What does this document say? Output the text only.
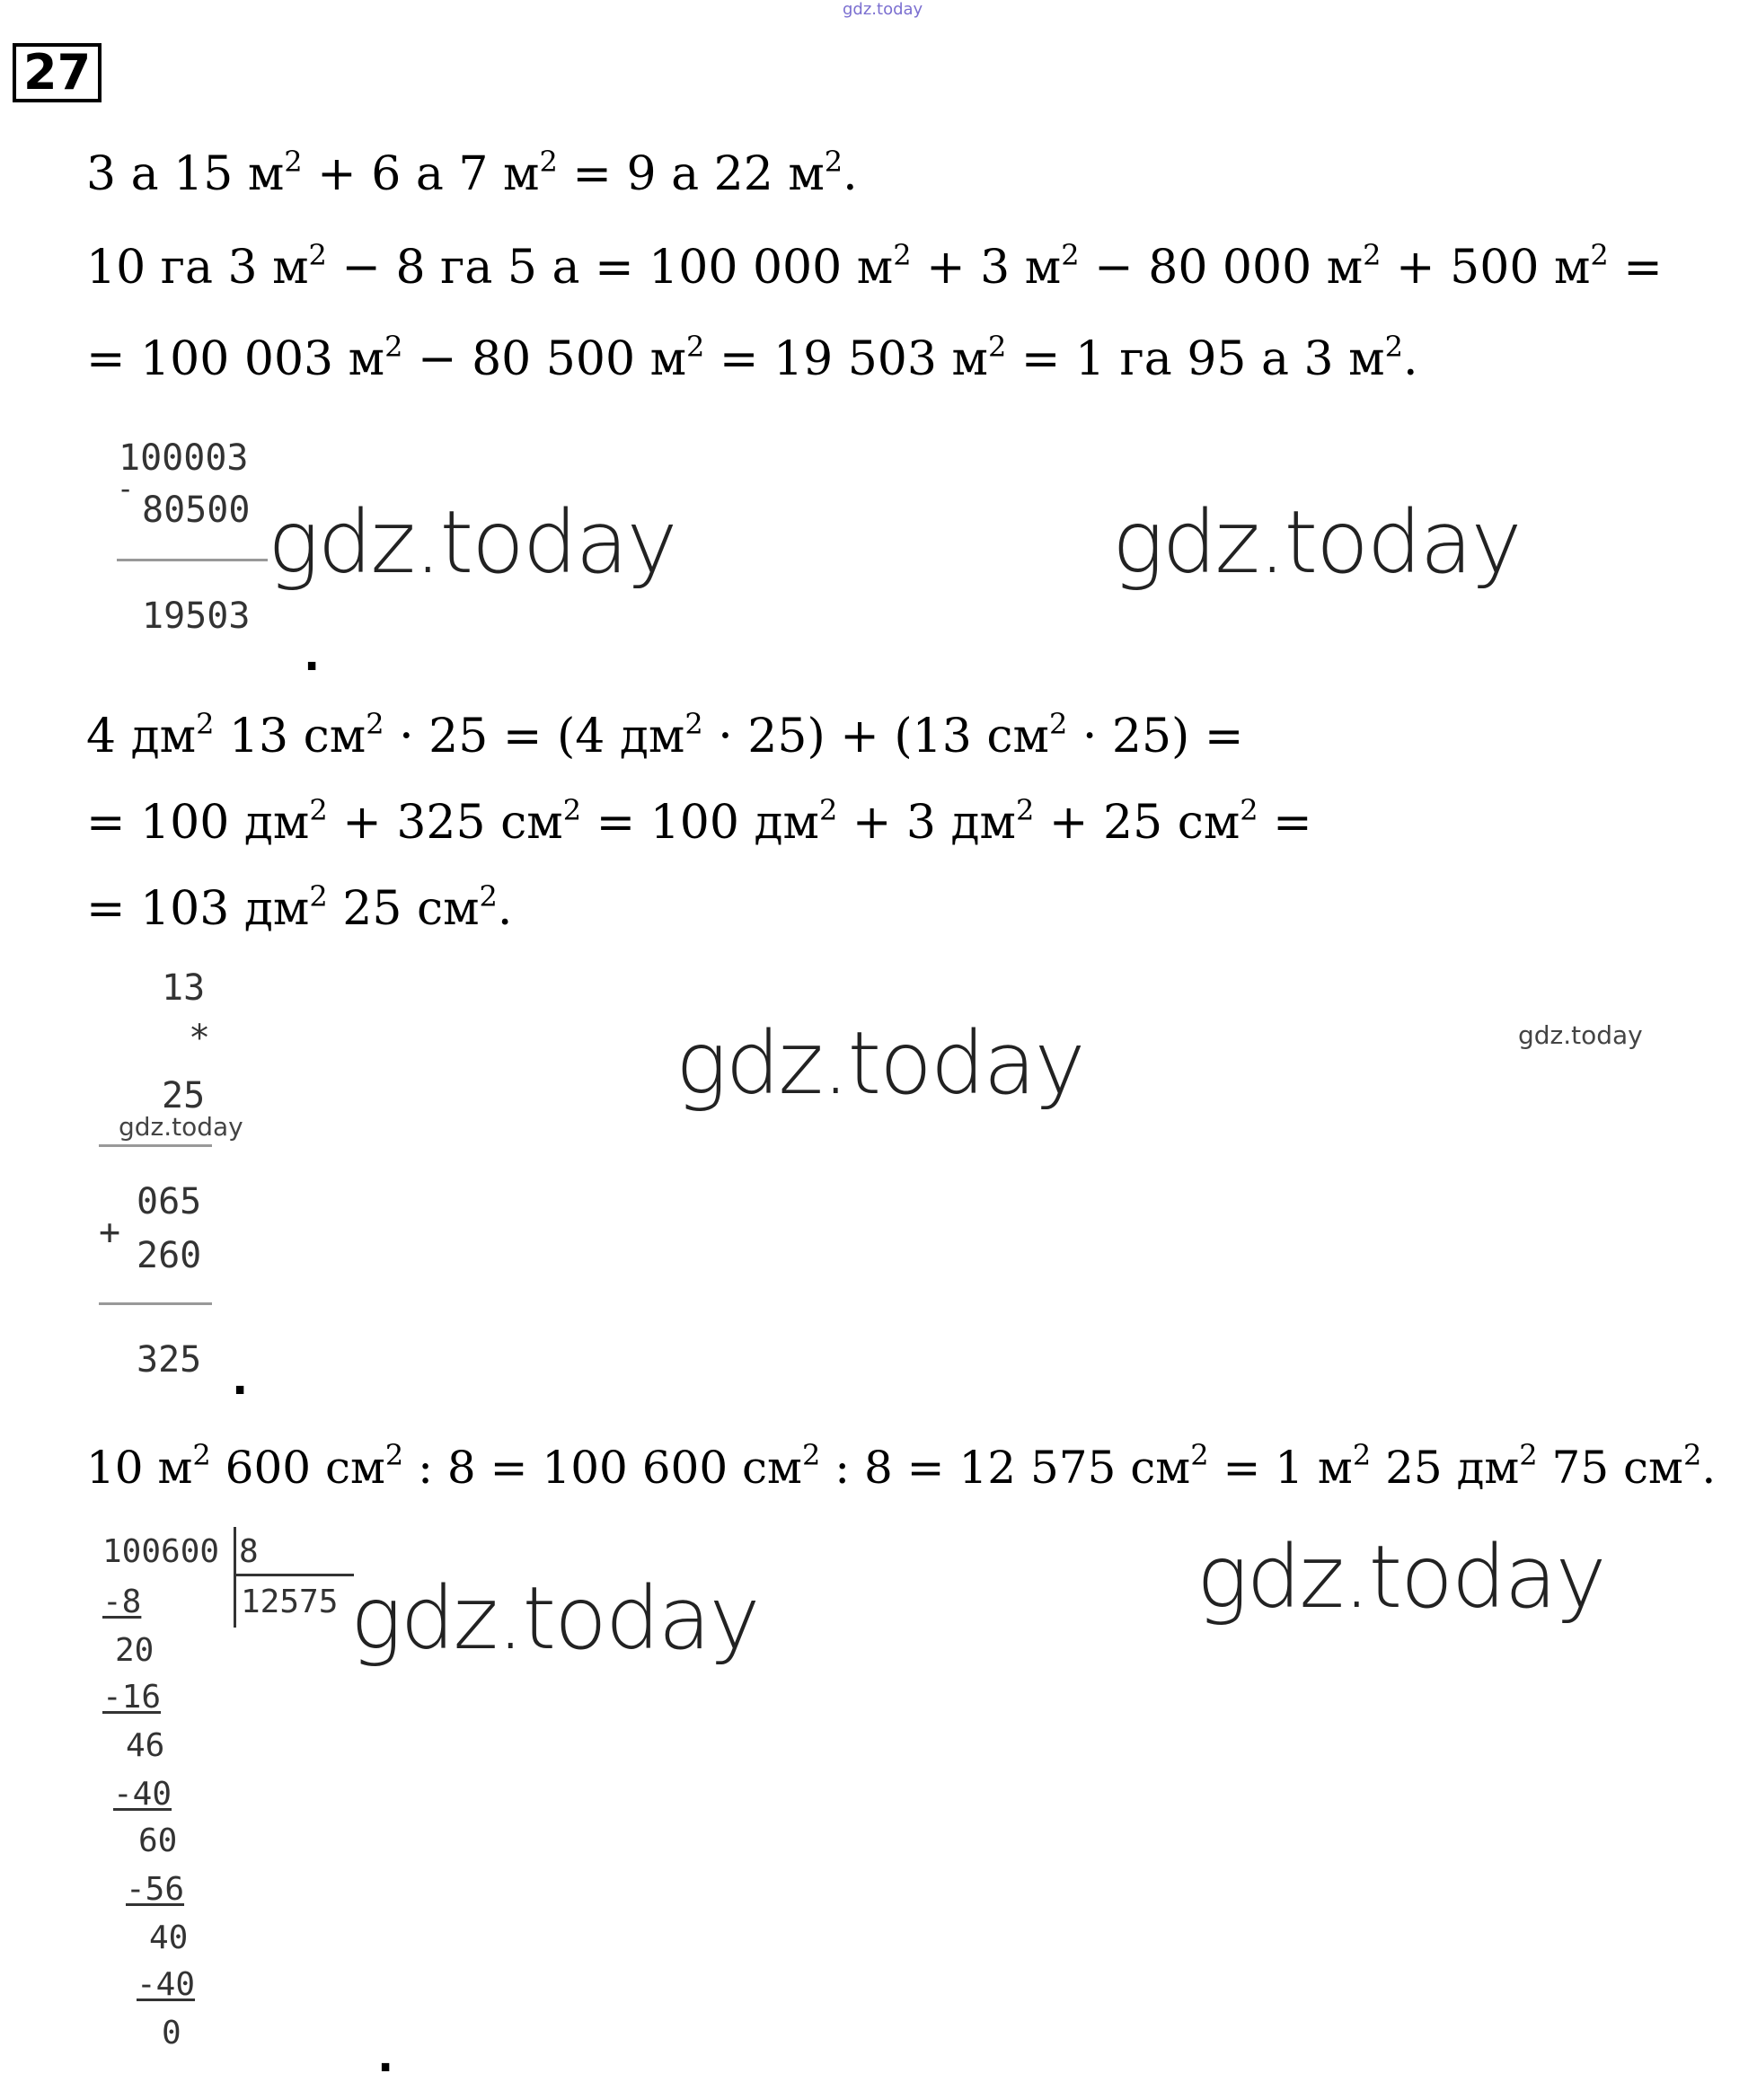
gdz.today
27
3 а 15 $м^2 + 6$ а 7 $м^2 = 9$ а 22 $м^2$.
10 га 3 $м^2 - 8$ га 5 а = 100 000 $м^2 + 3$ $м^2 - 80$ 000 $м^2 + 500$ $м^2$ =
= 100 003 $м^2 - 80$ 500 $м^2 = 19$ 503 $м^2 = 1$ га 95 а 3 $м^2$.
100003
-
80500
19503
.
gdz.today	gdz.today
4 $дм^2$ 13 $см^2 \cdot 25 = (4$ $дм^2 \cdot 25) + (13$ $см^2 \cdot 25$) =
= 100 $дм^2 + 325$ $см^2 = 100$ $дм^2 + 3$ $дм^2 + 25$ $см^2$ =
= 103 $дм^2$ 25 $см^2$.
13
*
25
gdz.today
065
+
260
325 .
gdz.today	gdz.today
10 $м^2$ 600 $см^2$ : 8 = 100 600 $см^2$ : 8 = 12 575 $см^2 = 1$ $м^2$ 25 $дм^2$ 75 $см^2$.
100600 8
12575
-8
20
-16
46
-40
60
-56
40
-40
0	.
gdz.today	gdz.today
